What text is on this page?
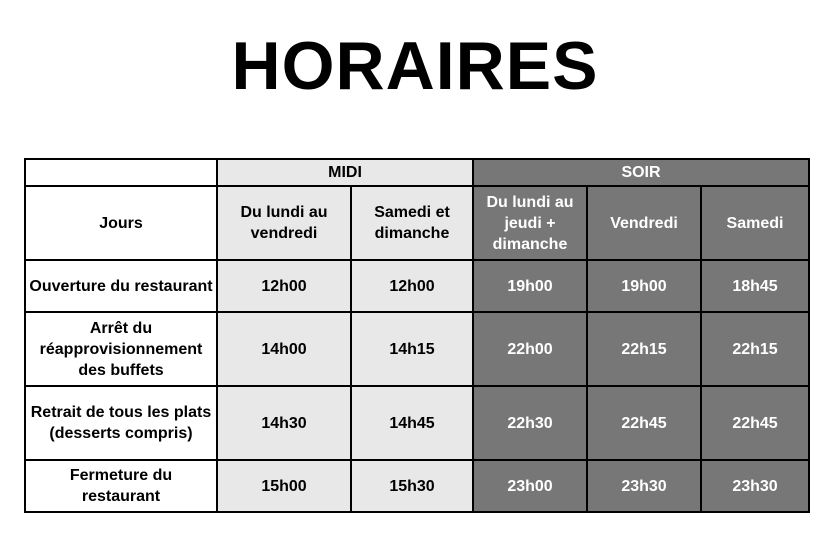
HORAIRES
	MIDI		SOIR		
Jours	Du lundi au vendredi	Samedi et dimanche	Du lundi au jeudi + dimanche	Vendredi	Samedi
Ouverture du restaurant	12h00	12h00	19h00	19h00	18h45
Arrêt du réapprovisionnement des buffets	14h00	14h15	22h00	22h15	22h15
Retrait de tous les plats (desserts compris)	14h30	14h45	22h30	22h45	22h45
Fermeture du restaurant	15h00	15h30	23h00	23h30	23h30
